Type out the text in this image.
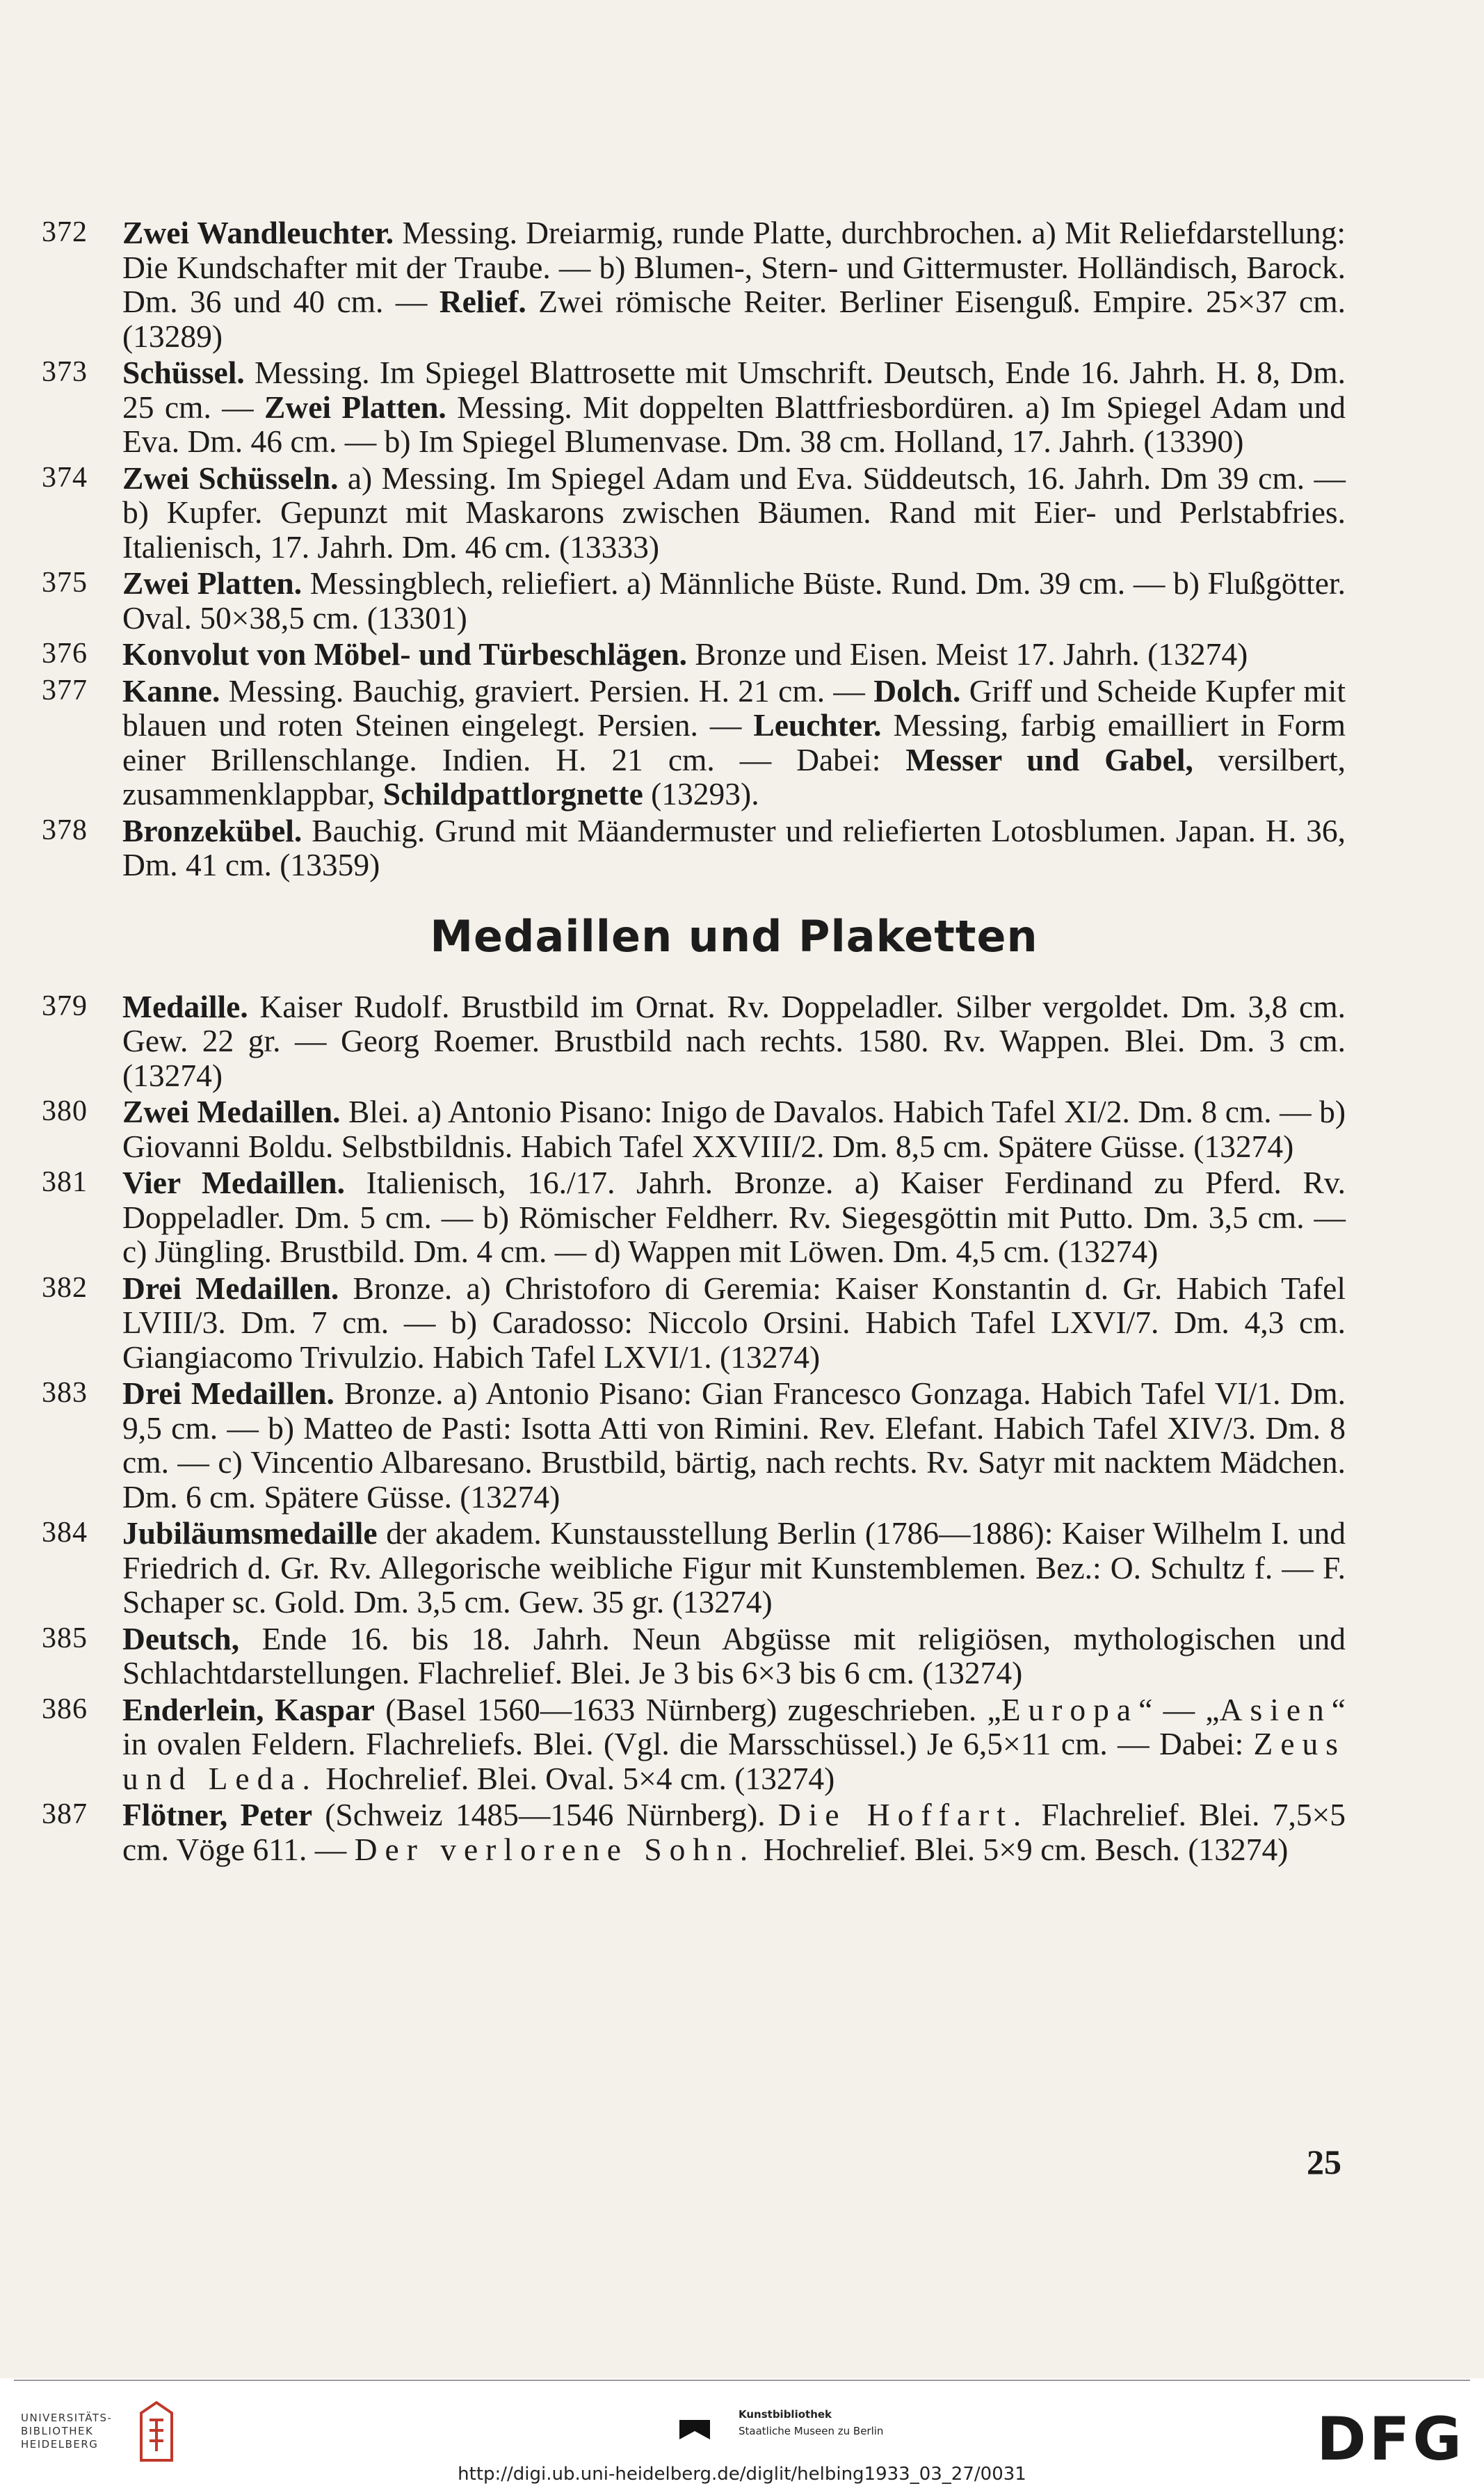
372	Zwei Wandleuchter. Messing. Dreiarmig, runde Platte, durchbrochen. a) Mit Reliefdarstellung: Die Kundschafter mit der Traube. — b) Blumen-, Stern- und Gittermuster. Holländisch, Barock. Dm. 36 und 40 cm. — Relief. Zwei römische Reiter. Berliner Eisenguß. Empire. 25×37 cm. (13289)
373	Schüssel. Messing. Im Spiegel Blattrosette mit Umschrift. Deutsch, Ende 16. Jahrh. H. 8, Dm. 25 cm. — Zwei Platten. Messing. Mit doppelten Blattfriesbordüren. a) Im Spiegel Adam und Eva. Dm. 46 cm. — b) Im Spiegel Blumenvase. Dm. 38 cm. Holland, 17. Jahrh. (13390)
374	Zwei Schüsseln. a) Messing. Im Spiegel Adam und Eva. Süddeutsch, 16. Jahrh. Dm 39 cm. — b) Kupfer. Gepunzt mit Maskarons zwischen Bäumen. Rand mit Eier- und Perlstabfries. Italienisch, 17. Jahrh. Dm. 46 cm. (13333)
375	Zwei Platten. Messingblech, reliefiert. a) Männliche Büste. Rund. Dm. 39 cm. — b) Flußgötter. Oval. 50×38,5 cm. (13301)
376	Konvolut von Möbel- und Türbeschlägen. Bronze und Eisen. Meist 17. Jahrh. (13274)
377	Kanne. Messing. Bauchig, graviert. Persien. H. 21 cm. — Dolch. Griff und Scheide Kupfer mit blauen und roten Steinen eingelegt. Persien. — Leuchter. Messing, farbig emailliert in Form einer Brillenschlange. Indien. H. 21 cm. — Dabei: Messer und Gabel, versilbert, zusammenklappbar, Schildpattlorgnette (13293).
378	Bronzekübel. Bauchig. Grund mit Mäandermuster und reliefierten Lotosblumen. Japan. H. 36, Dm. 41 cm. (13359)
Medaillen und Plaketten
379	Medaille. Kaiser Rudolf. Brustbild im Ornat. Rv. Doppeladler. Silber vergoldet. Dm. 3,8 cm. Gew. 22 gr. — Georg Roemer. Brustbild nach rechts. 1580. Rv. Wappen. Blei. Dm. 3 cm. (13274)
380	Zwei Medaillen. Blei. a) Antonio Pisano: Inigo de Davalos. Habich Tafel XI/2. Dm. 8 cm. — b) Giovanni Boldu. Selbstbildnis. Habich Tafel XXVIII/2. Dm. 8,5 cm. Spätere Güsse. (13274)
381	Vier Medaillen. Italienisch, 16./17. Jahrh. Bronze. a) Kaiser Ferdinand zu Pferd. Rv. Doppeladler. Dm. 5 cm. — b) Römischer Feldherr. Rv. Siegesgöttin mit Putto. Dm. 3,5 cm. — c) Jüngling. Brustbild. Dm. 4 cm. — d) Wappen mit Löwen. Dm. 4,5 cm. (13274)
382	Drei Medaillen. Bronze. a) Christoforo di Geremia: Kaiser Konstantin d. Gr. Habich Tafel LVIII/3. Dm. 7 cm. — b) Caradosso: Niccolo Orsini. Habich Tafel LXVI/7. Dm. 4,3 cm. Giangiacomo Trivulzio. Habich Tafel LXVI/1. (13274)
383	Drei Medaillen. Bronze. a) Antonio Pisano: Gian Francesco Gonzaga. Habich Tafel VI/1. Dm. 9,5 cm. — b) Matteo de Pasti: Isotta Atti von Rimini. Rev. Elefant. Habich Tafel XIV/3. Dm. 8 cm. — c) Vincentio Albaresano. Brustbild, bärtig, nach rechts. Rv. Satyr mit nacktem Mädchen. Dm. 6 cm. Spätere Güsse. (13274)
384	Jubiläumsmedaille der akadem. Kunstausstellung Berlin (1786—1886): Kaiser Wilhelm I. und Friedrich d. Gr. Rv. Allegorische weibliche Figur mit Kunstemblemen. Bez.: O. Schultz f. — F. Schaper sc. Gold. Dm. 3,5 cm. Gew. 35 gr. (13274)
385	Deutsch, Ende 16. bis 18. Jahrh. Neun Abgüsse mit religiösen, mythologischen und Schlachtdarstellungen. Flachrelief. Blei. Je 3 bis 6×3 bis 6 cm. (13274)
386	Enderlein, Kaspar (Basel 1560—1633 Nürnberg) zugeschrieben. „Europa“ — „Asien“ in ovalen Feldern. Flachreliefs. Blei. (Vgl. die Marsschüssel.) Je 6,5×11 cm. — Dabei: Zeus und Leda. Hochrelief. Blei. Oval. 5×4 cm. (13274)
387	Flötner, Peter (Schweiz 1485—1546 Nürnberg). Die Hoffart. Flachrelief. Blei. 7,5×5 cm. Vöge 611. — Der verlorene Sohn. Hochrelief. Blei. 5×9 cm. Besch. (13274)
25
UNIVERSITÄTS-
BIBLIOTHEK
HEIDELBERG
Kunstbibliothek
Staatliche Museen zu Berlin	DFG
http://digi.ub.uni-heidelberg.de/diglit/helbing1933_03_27/0031
